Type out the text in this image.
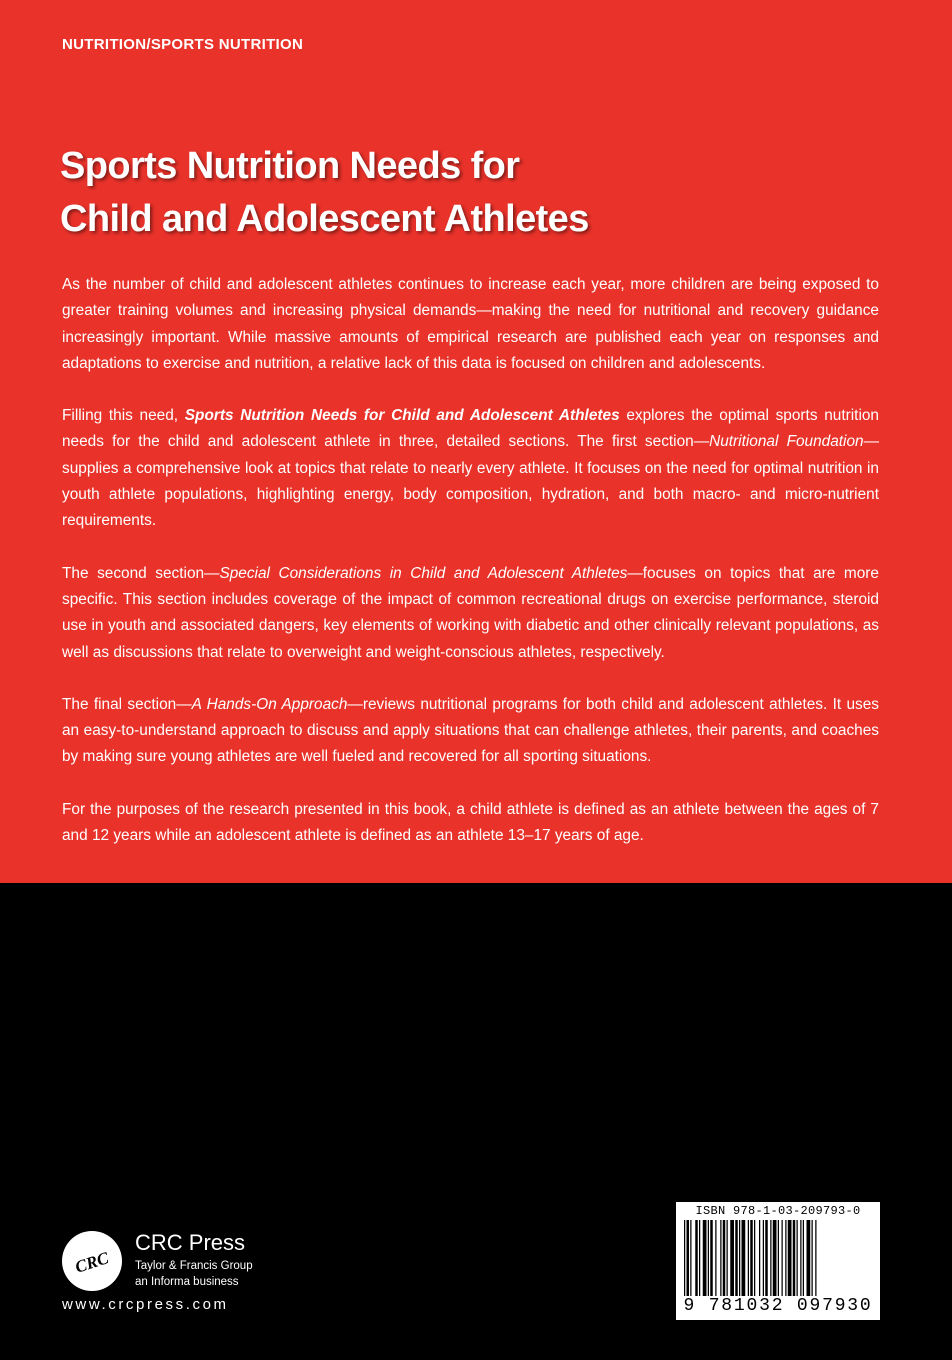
NUTRITION/SPORTS NUTRITION
Sports Nutrition Needs for
Child and Adolescent Athletes

As the number of child and adolescent athletes continues to increase each year, more children are being exposed to greater training volumes and increasing physical demands—making the need for nutritional and recovery guidance increasingly important. While massive amounts of empirical research are published each year on responses and adaptations to exercise and nutrition, a relative lack of this data is focused on children and adolescents.

Filling this need, Sports Nutrition Needs for Child and Adolescent Athletes explores the optimal sports nutrition needs for the child and adolescent athlete in three, detailed sections. The first section—Nutritional Foundation—supplies a comprehensive look at topics that relate to nearly every athlete. It focuses on the need for optimal nutrition in youth athlete populations, highlighting energy, body composition, hydration, and both macro- and micro-nutrient requirements.

The second section—Special Considerations in Child and Adolescent Athletes—focuses on topics that are more specific. This section includes coverage of the impact of common recreational drugs on exercise performance, steroid use in youth and associated dangers, key elements of working with diabetic and other clinically relevant populations, as well as discussions that relate to overweight and weight-conscious athletes, respectively.

The final section—A Hands-On Approach—reviews nutritional programs for both child and adolescent athletes. It uses an easy-to-understand approach to discuss and apply situations that can challenge athletes, their parents, and coaches by making sure young athletes are well fueled and recovered for all sporting situations.

For the purposes of the research presented in this book, a child athlete is defined as an athlete between the ages of 7 and 12 years while an adolescent athlete is defined as an athlete 13–17 years of age.

CRC
CRC Press
Taylor & Francis Group
an Informa business
www.crcpress.com
ISBN 978-1-03-209793-0
9 781032 097930
